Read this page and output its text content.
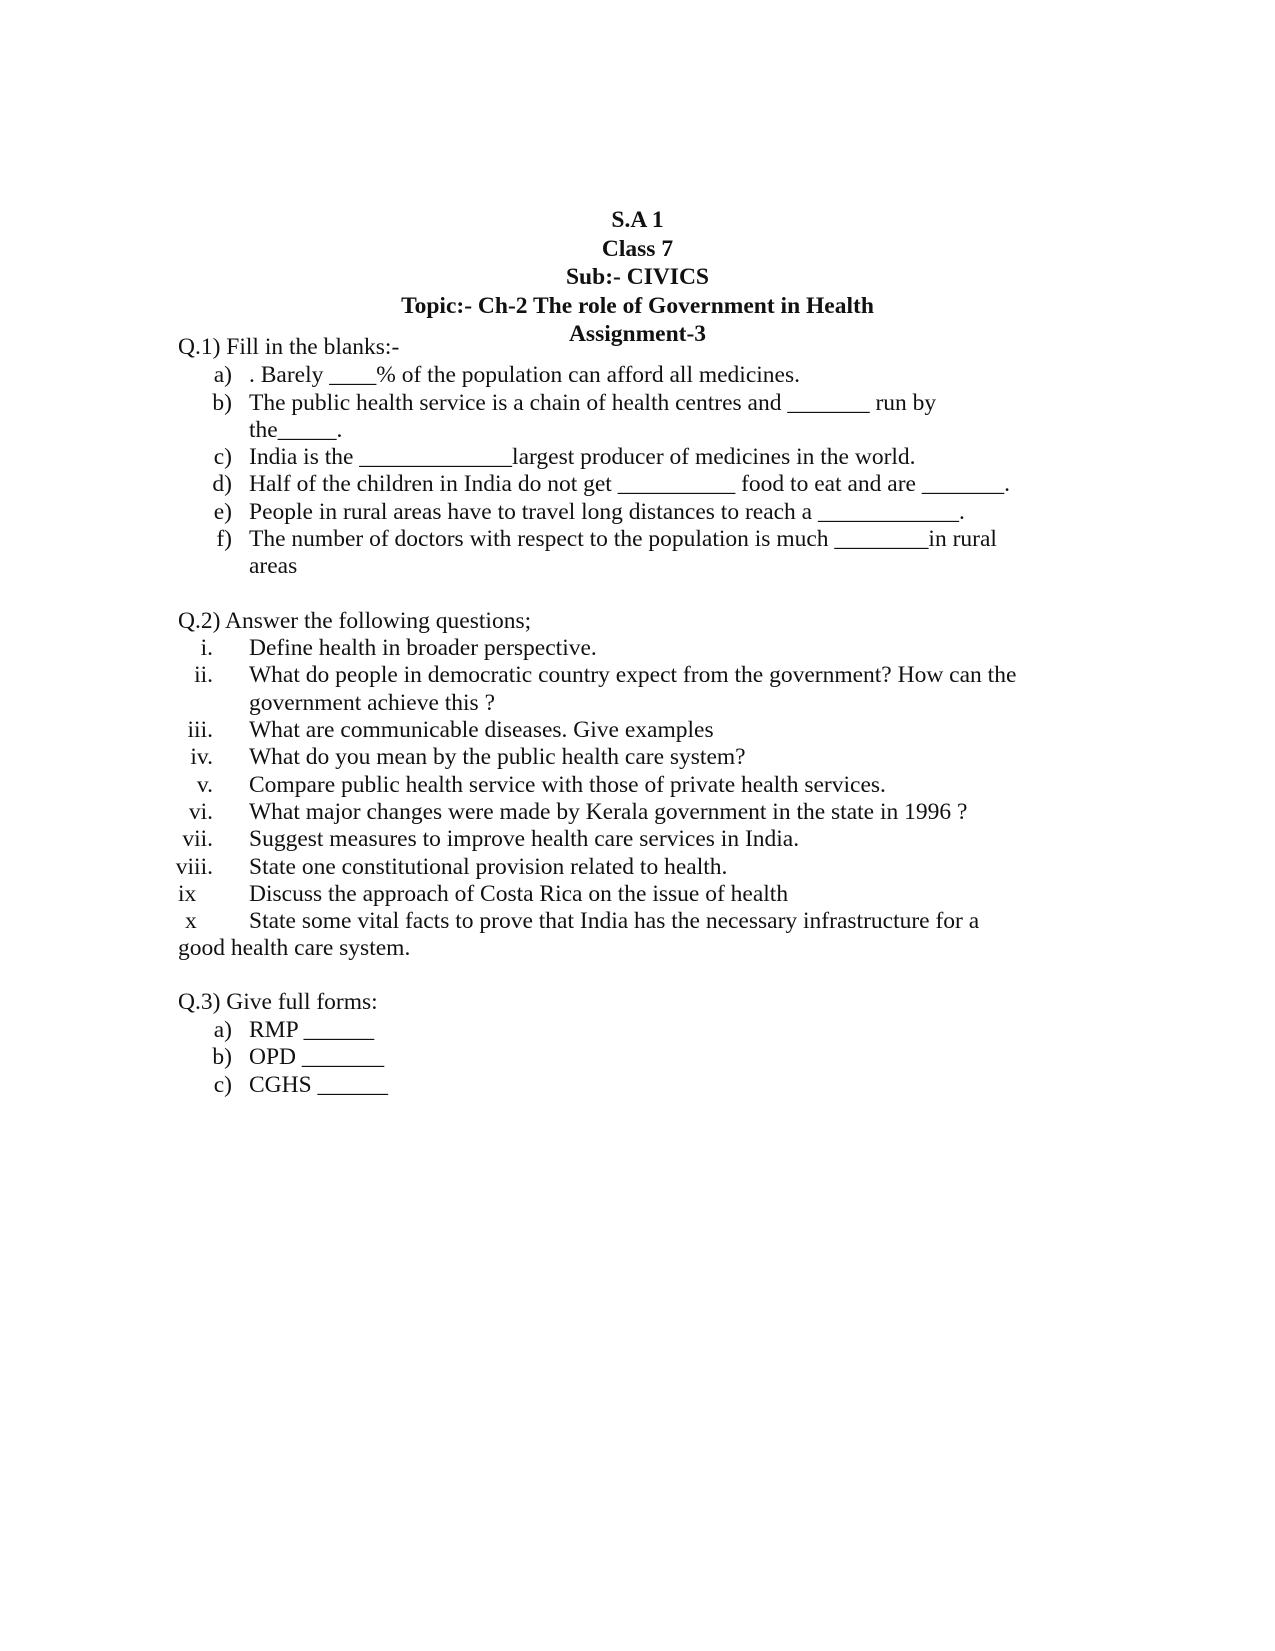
S.A 1
Class 7
Sub:- CIVICS
Topic:- Ch-2 The role of Government in Health
Assignment-3
Q.1) Fill in the blanks:-
a) . Barely ____% of the population can afford all medicines.
b) The public health service is a chain of health centres and _______ run by
the_____.
c) India is the _____________largest producer of medicines in the world.
d) Half of the children in India do not get __________ food to eat and are _______.
e) People in rural areas have to travel long distances to reach a ____________.
f) The number of doctors with respect to the population is much ________in rural
areas
Q.2) Answer the following questions;
i. Define health in broader perspective.
ii. What do people in democratic country expect from the government? How can the
government achieve this ?
iii. What are communicable diseases. Give examples
iv. What do you mean by the public health care system?
v. Compare public health service with those of private health services.
vi. What major changes were made by Kerala government in the state in 1996 ?
vii. Suggest measures to improve health care services in India.
viii. State one constitutional provision related to health.
ix Discuss the approach of Costa Rica on the issue of health
x State some vital facts to prove that India has the necessary infrastructure for a
good health care system.
Q.3) Give full forms:
a) RMP ______
b) OPD _______
c) CGHS ______
